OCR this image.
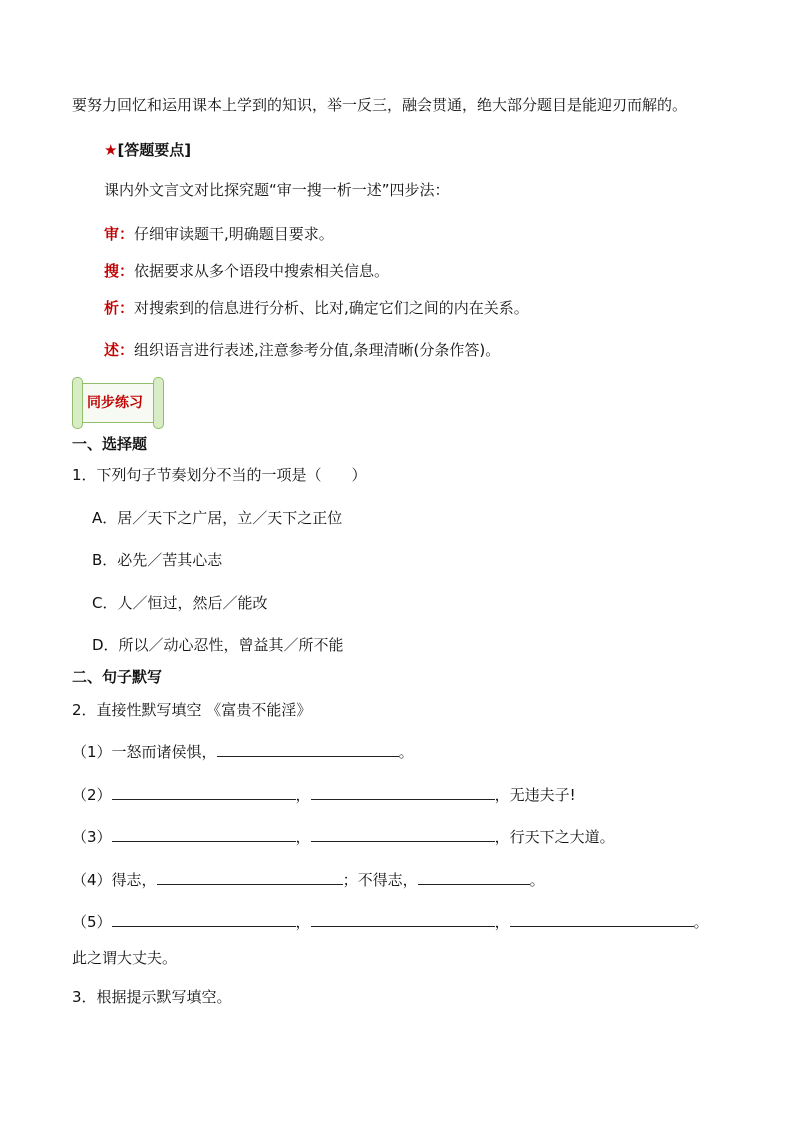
要努力回忆和运用课本上学到的知识，举一反三，融会贯通，绝大部分题目是能迎刃而解的。
★[答题要点]
课内外文言文对比探究题“审一搜一析一述”四步法：
审：仔细审读题干,明确题目要求。
搜：依据要求从多个语段中搜索相关信息。
析：对搜索到的信息进行分析、比对,确定它们之间的内在关系。
述：组织语言进行表述,注意参考分值,条理清晰(分条作答)。
同步练习
一、选择题
1．下列句子节奏划分不当的一项是（　　）
A．居／天下之广居，立／天下之正位
B．必先／苦其心志
C．人／恒过，然后／能改
D．所以／动心忍性，曾益其／所不能
二、句子默写
2．直接性默写填空 《富贵不能淫》
（1）一怒而诸侯惧，	。
（2）	，	，无违夫子!
（3）	，	，行天下之大道。
（4）得志，	；不得志，	。
（5）	，	，	。
此之谓大丈夫。
3．根据提示默写填空。
